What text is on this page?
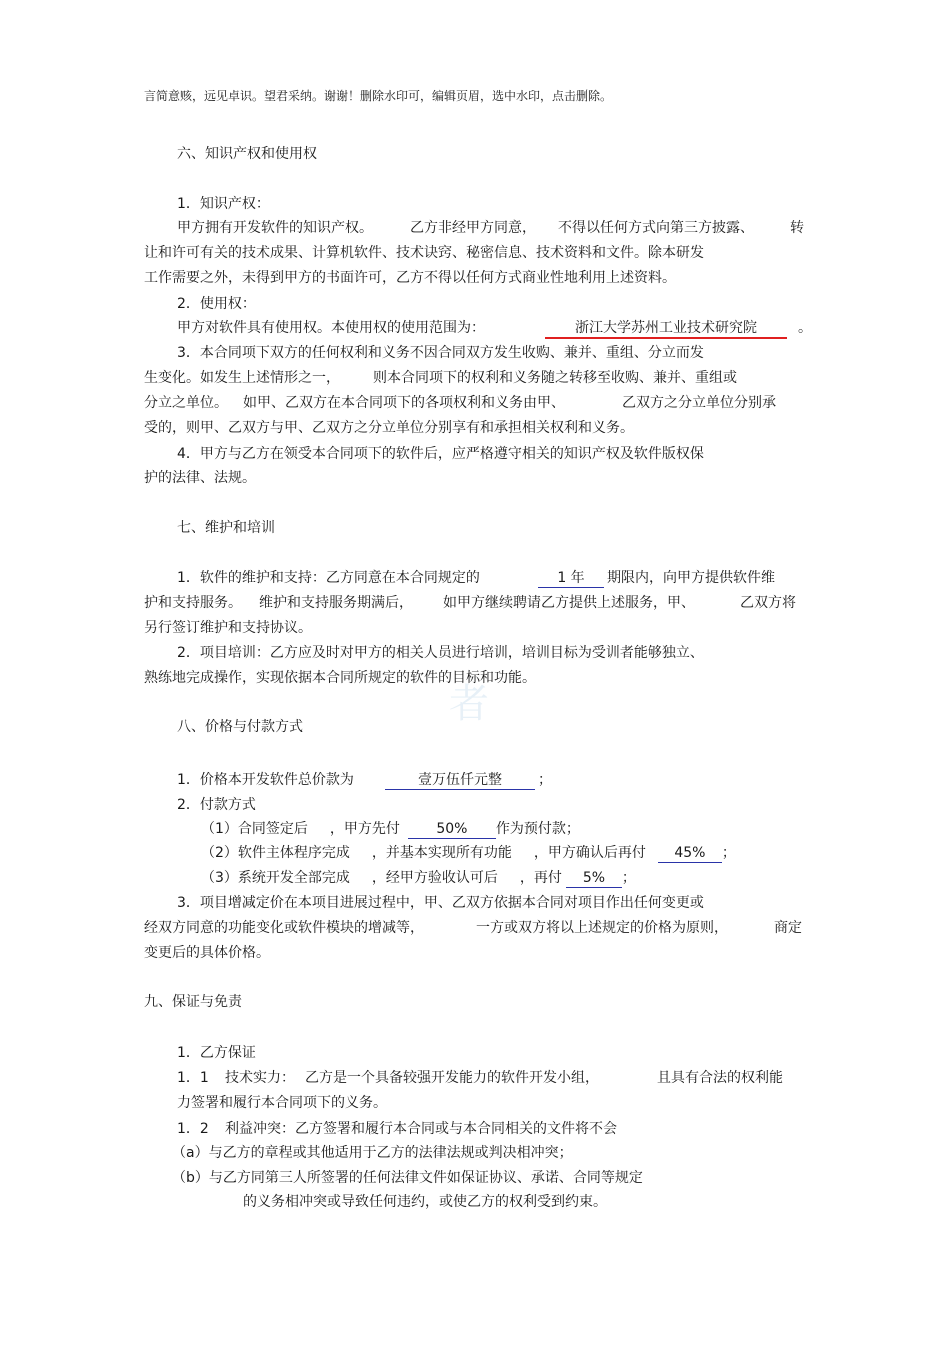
言简意赅，远见卓识。望君采纳。谢谢！删除水印可，编辑页眉，选中水印，点击删除。
者
六、知识产权和使用权
1．知识产权：
甲方拥有开发软件的知识产权。	乙方非经甲方同意， 不得以任何方式向第三方披露、	转
让和许可有关的技术成果、计算机软件、技术诀窍、秘密信息、技术资料和文件。除本研发
工作需要之外，未得到甲方的书面许可，乙方不得以任何方式商业性地利用上述资料。
2．使用权：
甲方对软件具有使用权。本使用权的使用范围为：	浙江大学苏州工业技术研究院	。
3．本合同项下双方的任何权利和义务不因合同双方发生收购、兼并、重组、分立而发
生变化。如发生上述情形之一， 则本合同项下的权利和义务随之转移至收购、兼并、重组或
分立之单位。 如甲、乙双方在本合同项下的各项权利和义务由甲、	乙双方之分立单位分别承
受的，则甲、乙双方与甲、乙双方之分立单位分别享有和承担相关权利和义务。
4．甲方与乙方在领受本合同项下的软件后，应严格遵守相关的知识产权及软件版权保
护的法律、法规。
七、维护和培训
1．软件的维护和支持：乙方同意在本合同规定的	1 年	期限内，向甲方提供软件维
护和支持服务。 维护和支持服务期满后， 如甲方继续聘请乙方提供上述服务，甲、	乙双方将
另行签订维护和支持协议。
2．项目培训：乙方应及时对甲方的相关人员进行培训，培训目标为受训者能够独立、
熟练地完成操作，实现依据本合同所规定的软件的目标和功能。
八、价格与付款方式
1．价格本开发软件总价款为	壹万伍仟元整	；
2．付款方式
（1）合同签定后 ，甲方先付	50% 作为预付款；
（2）软件主体程序完成 ，并基本实现所有功能 ，甲方确认后再付 45% ；
（3）系统开发全部完成 ，经甲方验收认可后 ，再付 5% ；
3．项目增减定价在本项目进展过程中，甲、乙双方依据本合同对项目作出任何变更或
经双方同意的功能变化或软件模块的增减等，	一方或双方将以上述规定的价格为原则，	商定
变更后的具体价格。
九、保证与免责
1．乙方保证
1．1 技术实力： 乙方是一个具备较强开发能力的软件开发小组，	且具有合法的权利能
力签署和履行本合同项下的义务。
1．2 利益冲突：乙方签署和履行本合同或与本合同相关的文件将不会
（a）与乙方的章程或其他适用于乙方的法律法规或判决相冲突；
（b）与乙方同第三人所签署的任何法律文件如保证协议、承诺、合同等规定
的义务相冲突或导致任何违约，或使乙方的权利受到约束。
